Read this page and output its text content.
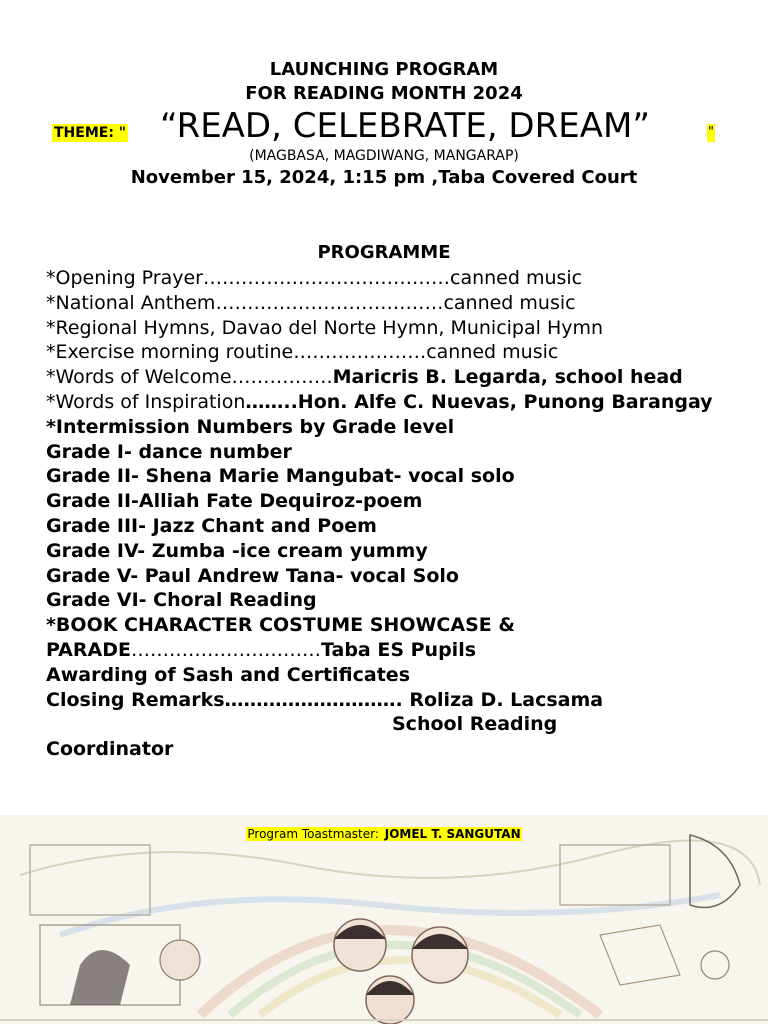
LAUNCHING PROGRAM
FOR READING MONTH 2024
THEME: " “READ, CELEBRATE, DREAM”	"
(MAGBASA, MAGDIWANG, MANGARAP)
November 15, 2024, 1:15 pm ,Taba Covered Court
PROGRAMME
*Opening Prayer…………………………………canned music
*National Anthem………………………………canned music
*Regional Hymns, Davao del Norte Hymn, Municipal Hymn
*Exercise morning routine…………………canned music
*Words of Welcome…………….Maricris B. Legarda, school head
*Words of Inspiration……..Hon. Alfe C. Nuevas, Punong Barangay
*Intermission Numbers by Grade level
Grade I- dance number
Grade II- Shena Marie Mangubat- vocal solo
Grade II-Alliah Fate Dequiroz-poem
Grade III- Jazz Chant and Poem
Grade IV- Zumba -ice cream yummy
Grade V- Paul Andrew Tana- vocal Solo
Grade VI- Choral Reading
*BOOK CHARACTER COSTUME SHOWCASE &
PARADE…………………………Taba ES Pupils
Awarding of Sash and Certificates
Closing Remarks………………………. Roliza D. Lacsama
School Reading
Coordinator
Program Toastmaster: JOMEL T. SANGUTAN
